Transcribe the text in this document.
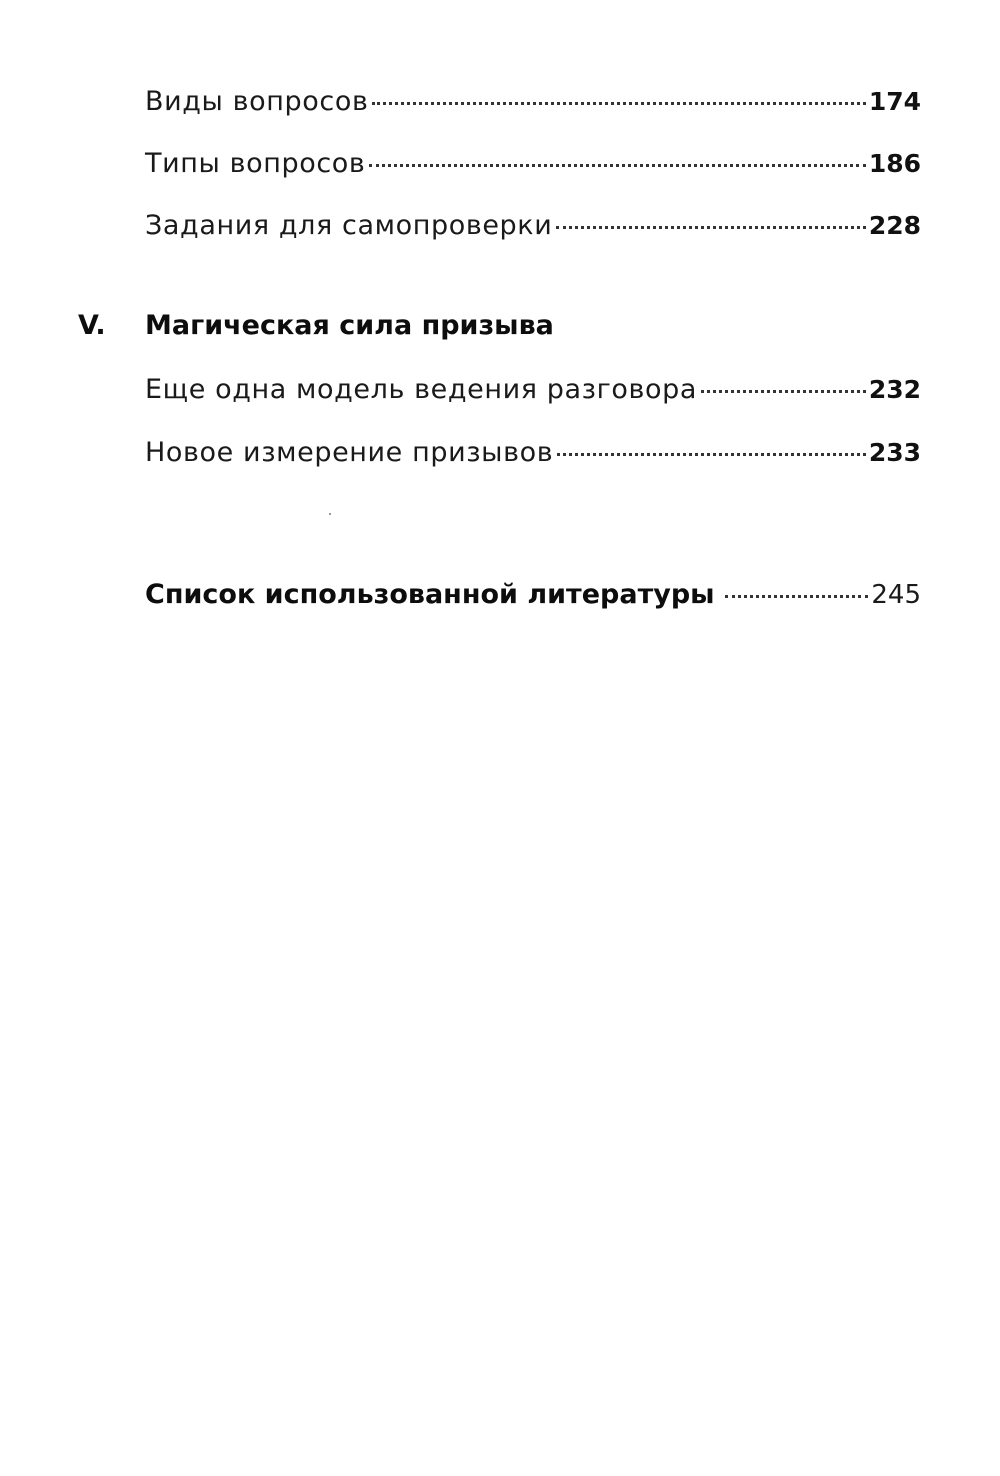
Виды вопросов	174
Типы вопросов	186
Задания для самопроверки	228
V.	Магическая сила призыва
Еще одна модель ведения разговора	232
Новое измерение призывов	233
Список использованной литературы	245
